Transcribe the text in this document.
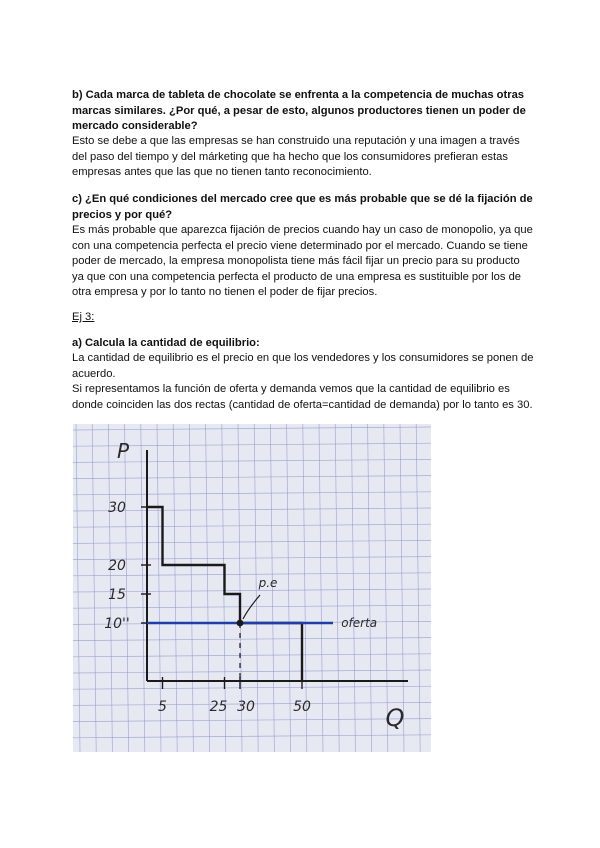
b) Cada marca de tableta de chocolate se enfrenta a la competencia de muchas otras marcas similares. ¿Por qué, a pesar de esto, algunos productores tienen un poder de mercado considerable?
Esto se debe a que las empresas se han construido una reputación y una imagen a través del paso del tiempo y del márketing que ha hecho que los consumidores prefieran estas empresas antes que las que no tienen tanto reconocimiento.
c) ¿En qué condiciones del mercado cree que es más probable que se dé la fijación de precios y por qué?
Es más probable que aparezca fijación de precios cuando hay un caso de monopolio, ya que con una competencia perfecta el precio viene determinado por el mercado. Cuando se tiene poder de mercado, la empresa monopolista tiene más fácil fijar un precio para su producto ya que con una competencia perfecta el producto de una empresa es sustituible por los de otra empresa y por lo tanto no tienen el poder de fijar precios.
Ej 3:
a) Calcula la cantidad de equilibrio:
La cantidad de equilibrio es el precio en que los vendedores y los consumidores se ponen de acuerdo.
Si representamos la función de oferta y demanda vemos que la cantidad de equilibrio es donde coinciden las dos rectas (cantidad de oferta=cantidad de demanda) por lo tanto es 30.
P
Q
30
20
15
10''
5	25 30	50
p.e
oferta
